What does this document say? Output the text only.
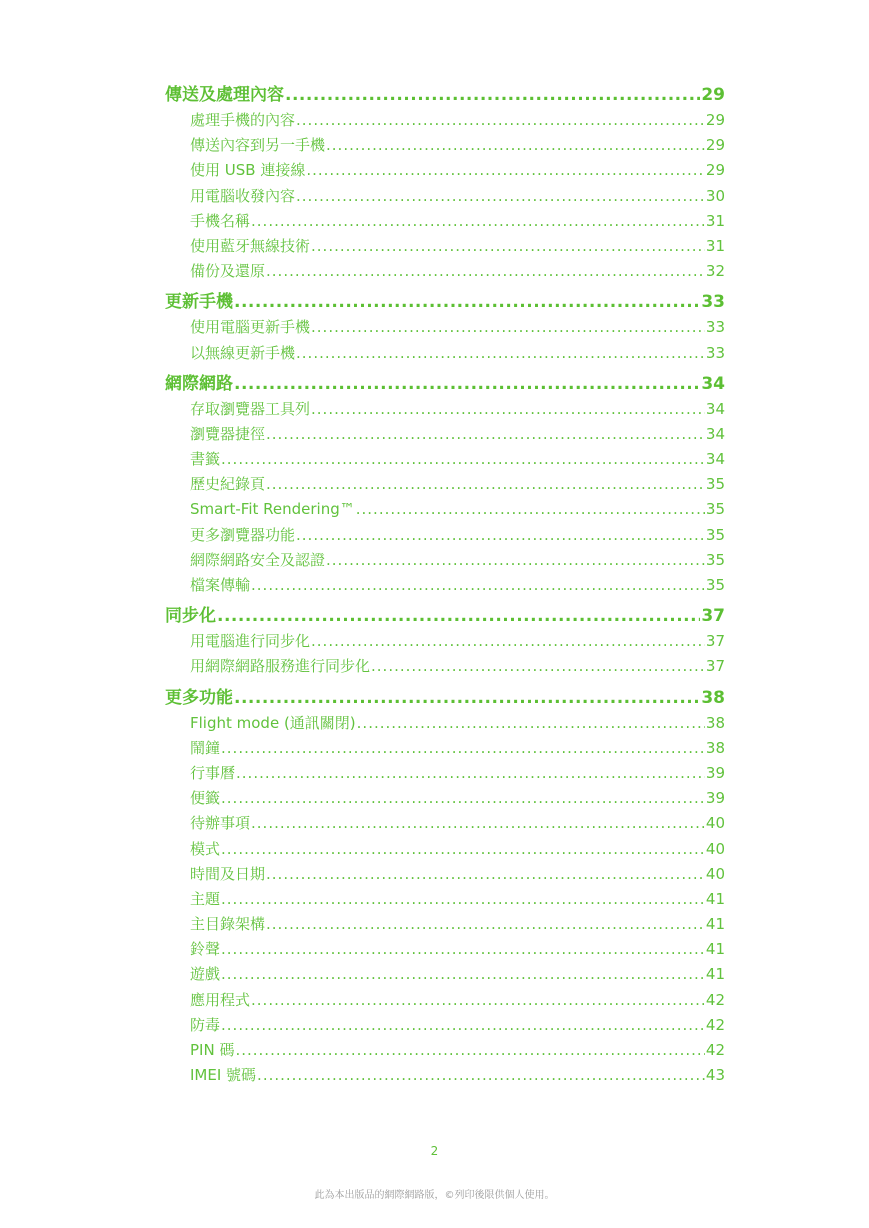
傳送及處理內容 .....	29
處理手機的內容 .....	29
傳送內容到另一手機 .....	29
使用 USB 連接線 .....	29
用電腦收發內容 .....	30
手機名稱 .....	31
使用藍牙無線技術 .....	31
備份及還原 .....	32
更新手機 .....	33
使用電腦更新手機 .....	33
以無線更新手機 .....	33
網際網路 .....	34
存取瀏覽器工具列 .....	34
瀏覽器捷徑 .....	34
書籤 .....	34
歷史紀錄頁 .....	35
Smart-Fit Rendering™ .....	35
更多瀏覽器功能 .....	35
網際網路安全及認證 .....	35
檔案傳輸 .....	35
同步化 .....	37
用電腦進行同步化 .....	37
用網際網路服務進行同步化 .....	37
更多功能 .....	38
Flight mode (通訊關閉) .....	38
鬧鐘 .....	38
行事曆 .....	39
便籤 .....	39
待辦事項 .....	40
模式 .....	40
時間及日期 .....	40
主題 .....	41
主目錄架構 .....	41
鈴聲 .....	41
遊戲 .....	41
應用程式 .....	42
防毒 .....	42
PIN 碼 .....	42
IMEI 號碼 .....	43
2
此為本出版品的網際網路版，©列印後限供個人使用。
